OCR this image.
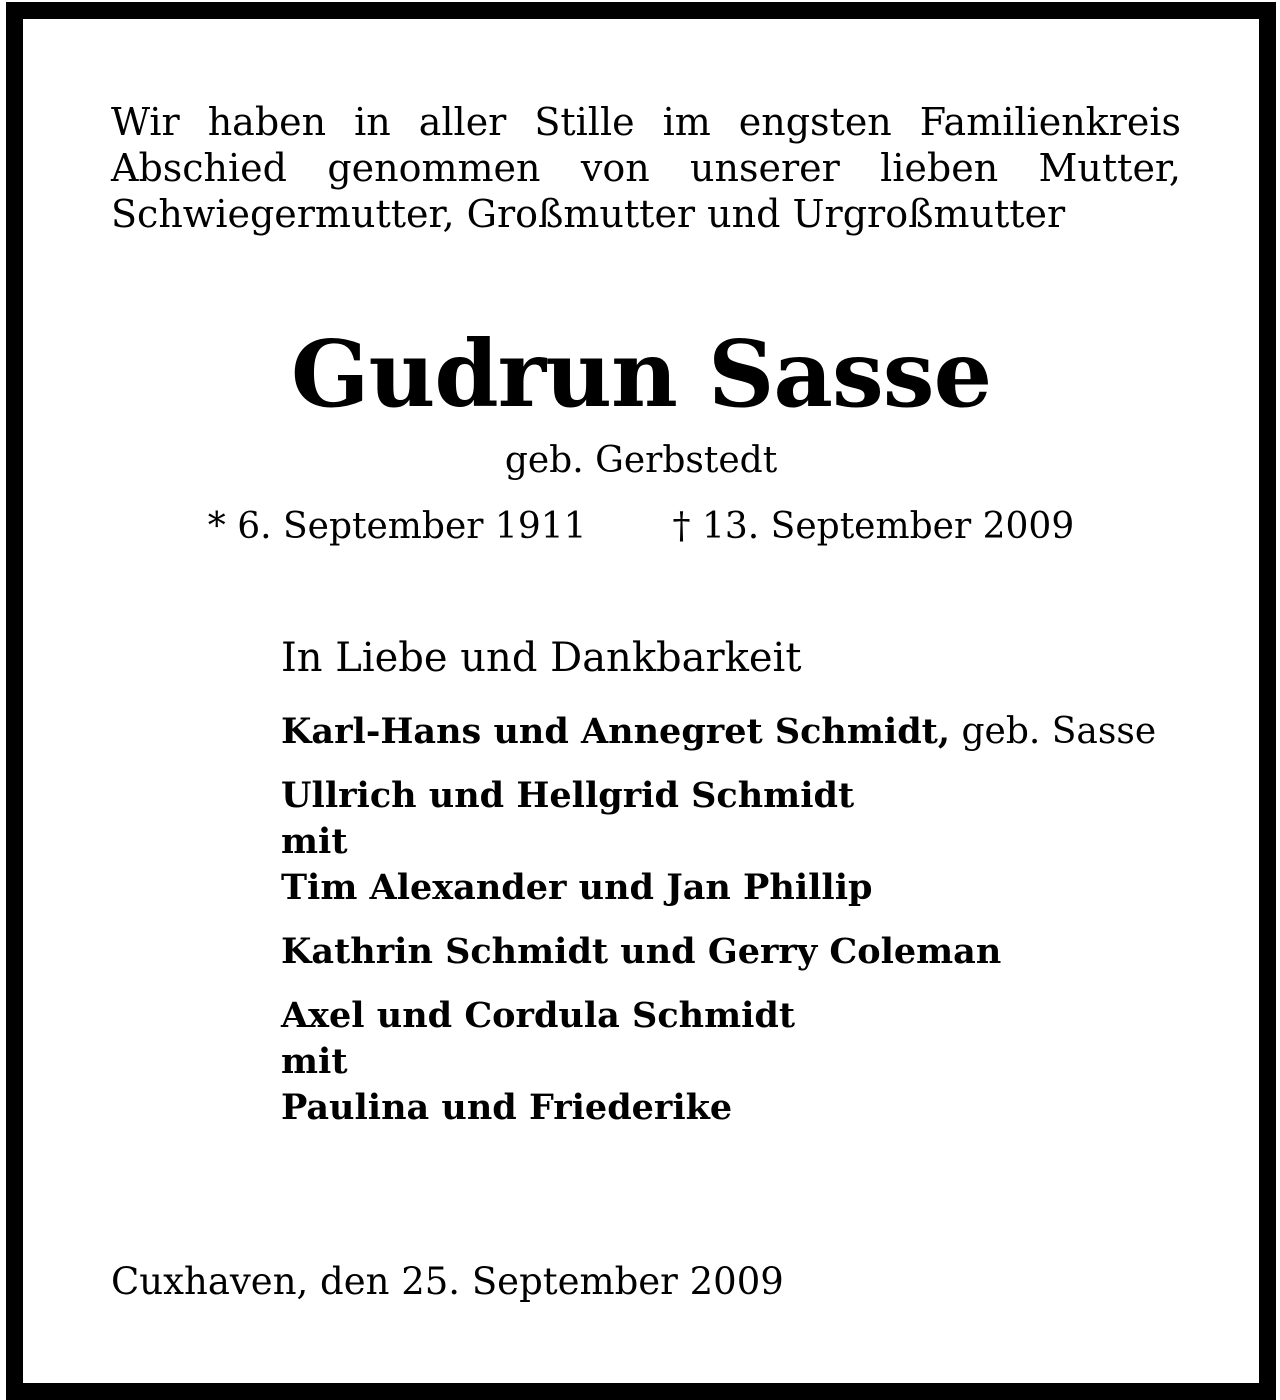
Wir haben in aller Stille im engsten Familienkreis
Abschied genommen von unserer lieben Mutter,
Schwiegermutter, Großmutter und Urgroßmutter
Gudrun Sasse
geb. Gerbstedt
* 6. September 1911 † 13. September 2009
In Liebe und Dankbarkeit
Karl-Hans und Annegret Schmidt, geb. Sasse
Ullrich und Hellgrid Schmidt
mit
Tim Alexander und Jan Phillip
Kathrin Schmidt und Gerry Coleman
Axel und Cordula Schmidt
mit
Paulina und Friederike
Cuxhaven, den 25. September 2009
